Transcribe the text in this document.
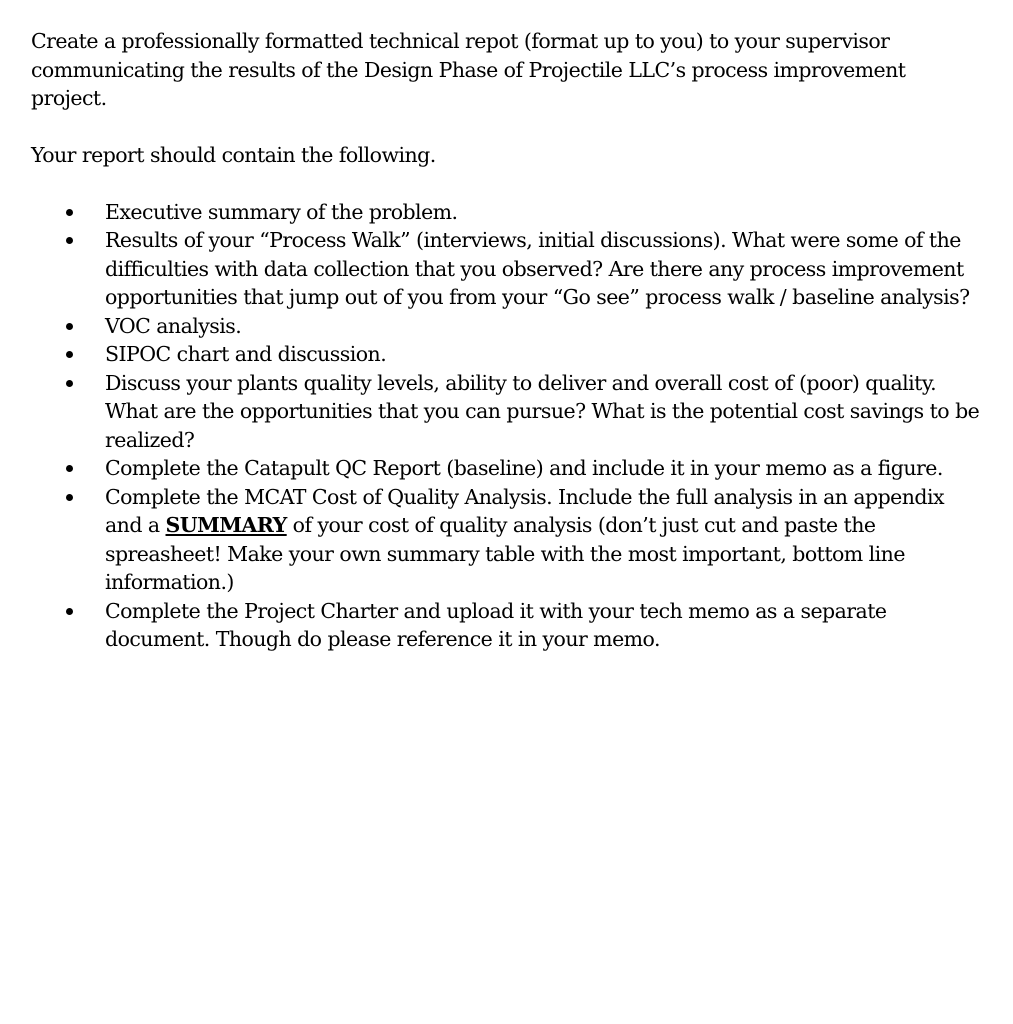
Create a professionally formatted technical repot (format up to you) to your supervisor communicating the results of the Design Phase of Projectile LLC’s process improvement project.

Your report should contain the following.

Executive summary of the problem.
Results of your “Process Walk” (interviews, initial discussions). What were some of the difficulties with data collection that you observed? Are there any process improvement opportunities that jump out of you from your “Go see” process walk / baseline analysis?
VOC analysis.
SIPOC chart and discussion.
Discuss your plants quality levels, ability to deliver and overall cost of (poor) quality. What are the opportunities that you can pursue? What is the potential cost savings to be realized?
Complete the Catapult QC Report (baseline) and include it in your memo as a figure.
Complete the MCAT Cost of Quality Analysis. Include the full analysis in an appendix and a SUMMARY of your cost of quality analysis (don’t just cut and paste the spreasheet! Make your own summary table with the most important, bottom line information.)
Complete the Project Charter and upload it with your tech memo as a separate document. Though do please reference it in your memo.
